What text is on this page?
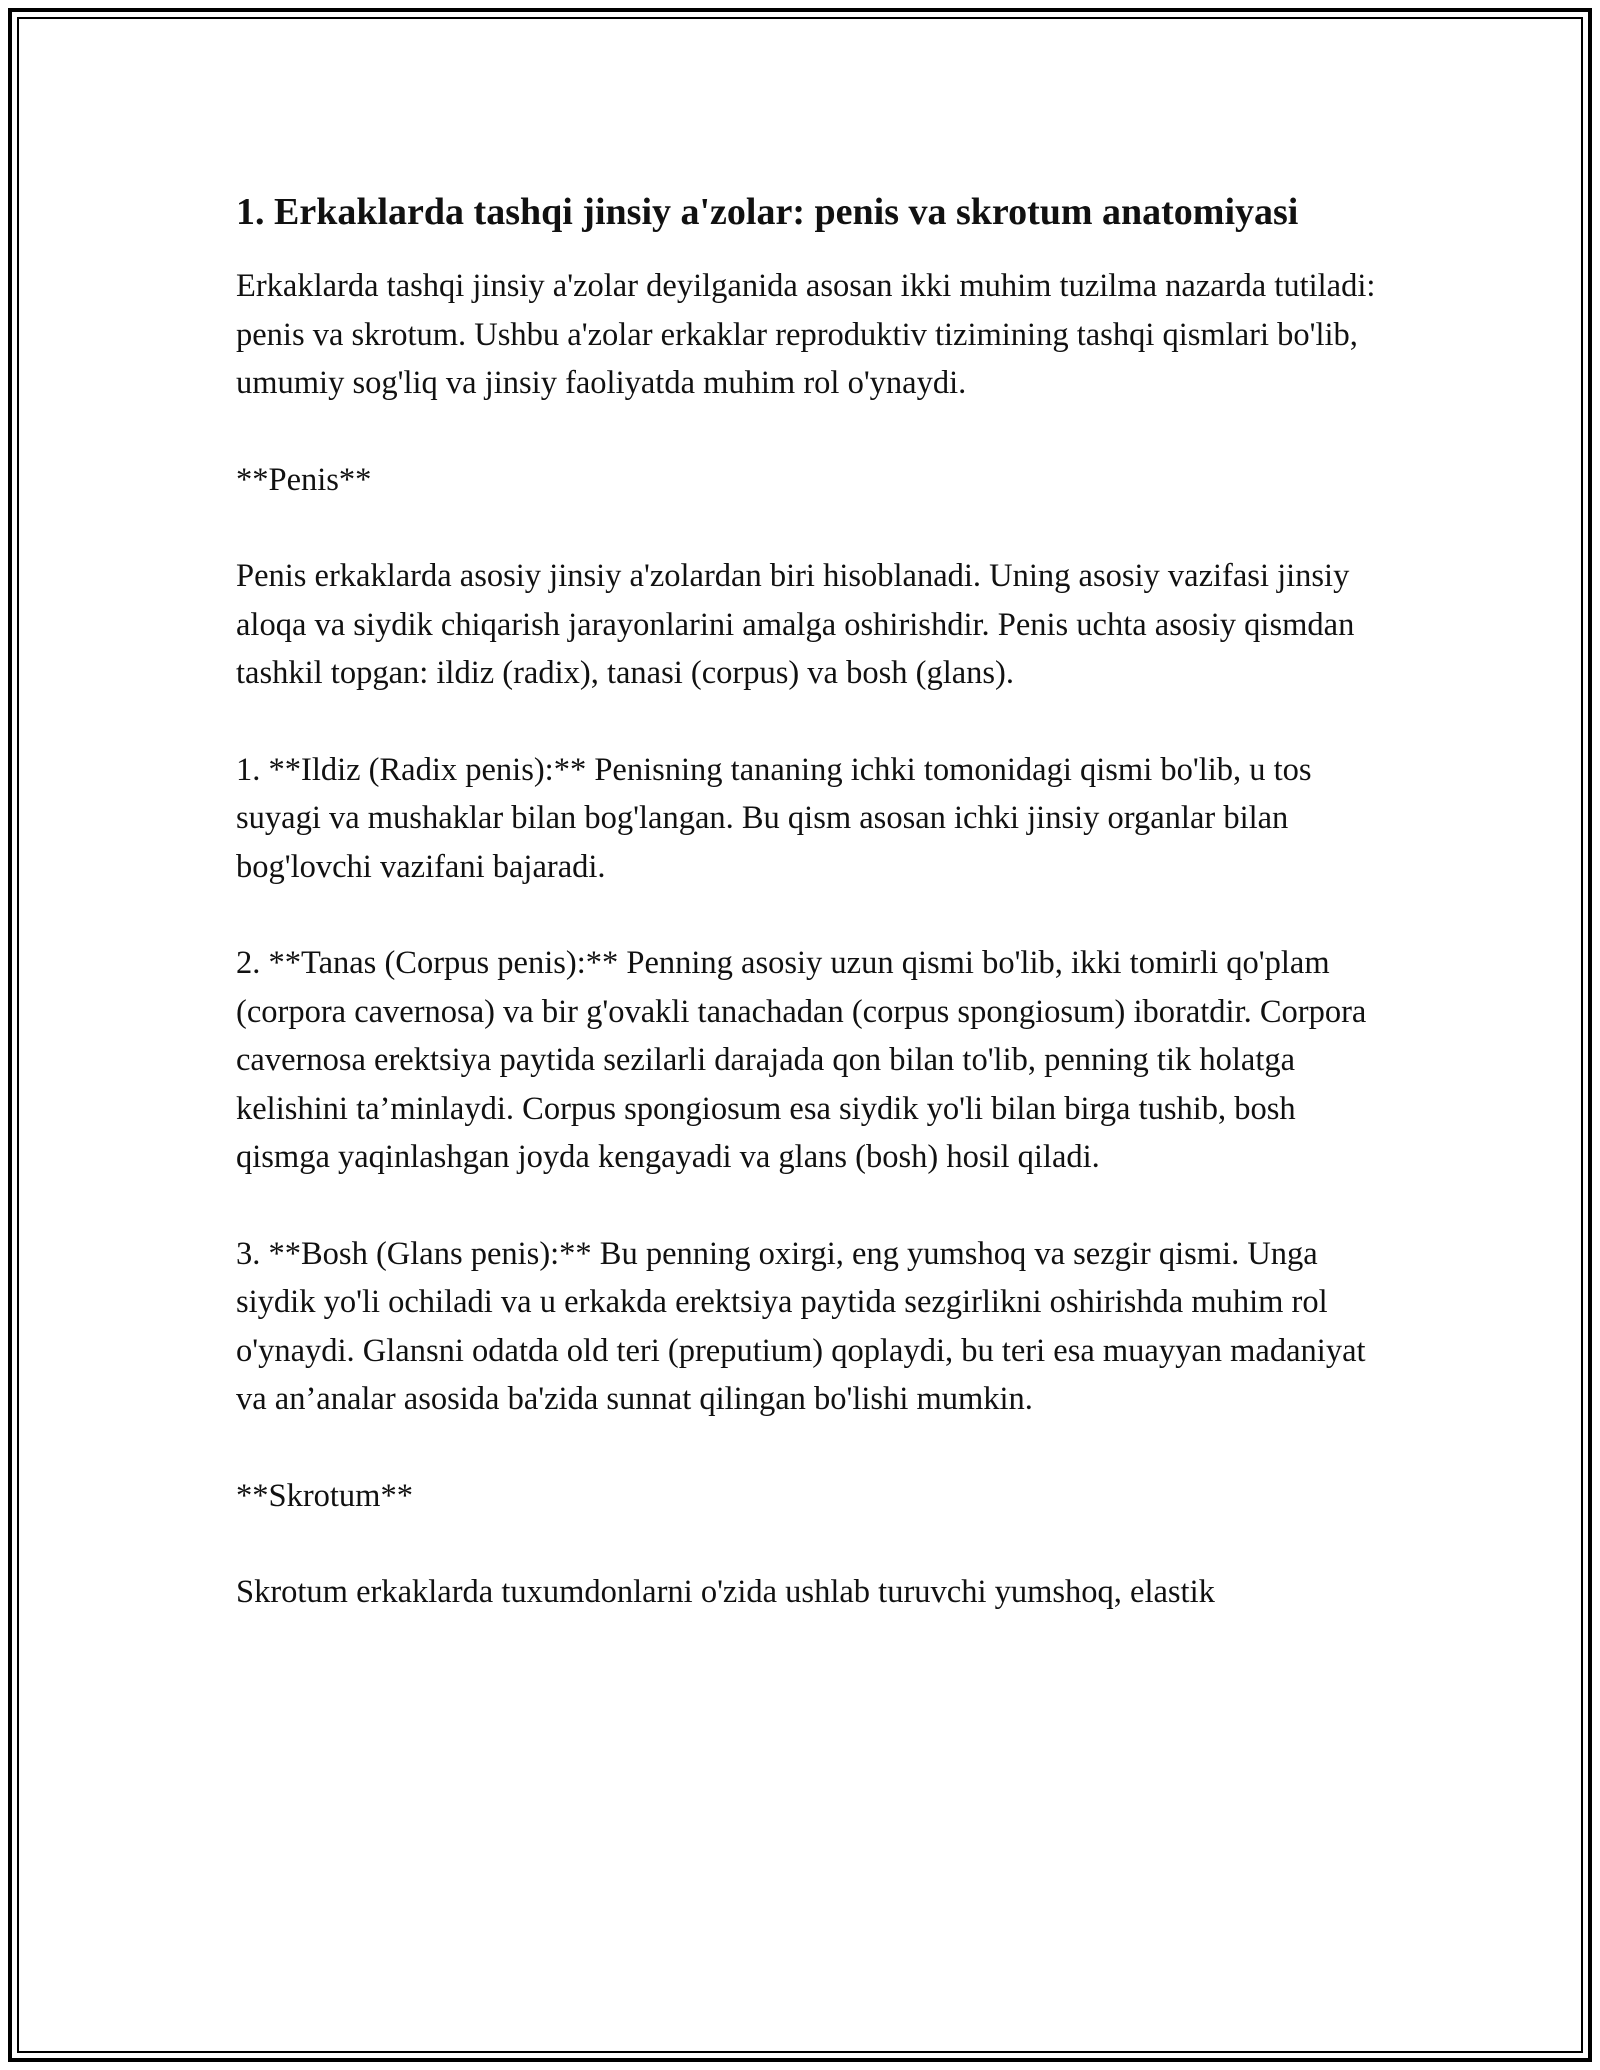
1. Erkaklarda tashqi jinsiy a'zolar: penis va skrotum anatomiyasi

Erkaklarda tashqi jinsiy a'zolar deyilganida asosan ikki muhim tuzilma nazarda tutiladi: penis va skrotum. Ushbu a'zolar erkaklar reproduktiv tizimining tashqi qismlari bo'lib, umumiy sog'liq va jinsiy faoliyatda muhim rol o'ynaydi.

**Penis**

Penis erkaklarda asosiy jinsiy a'zolardan biri hisoblanadi. Uning asosiy vazifasi jinsiy aloqa va siydik chiqarish jarayonlarini amalga oshirishdir. Penis uchta asosiy qismdan tashkil topgan: ildiz (radix), tanasi (corpus) va bosh (glans).

1. **Ildiz (Radix penis):** Penisning tananing ichki tomonidagi qismi bo'lib, u tos suyagi va mushaklar bilan bog'langan. Bu qism asosan ichki jinsiy organlar bilan bog'lovchi vazifani bajaradi.

2. **Tanas (Corpus penis):** Penning asosiy uzun qismi bo'lib, ikki tomirli qo'plam (corpora cavernosa) va bir g'ovakli tanachadan (corpus spongiosum) iboratdir. Corpora cavernosa erektsiya paytida sezilarli darajada qon bilan to'lib, penning tik holatga kelishini ta’minlaydi. Corpus spongiosum esa siydik yo'li bilan birga tushib, bosh qismga yaqinlashgan joyda kengayadi va glans (bosh) hosil qiladi.

3. **Bosh (Glans penis):** Bu penning oxirgi, eng yumshoq va sezgir qismi. Unga siydik yo'li ochiladi va u erkakda erektsiya paytida sezgirlikni oshirishda muhim rol o'ynaydi. Glansni odatda old teri (preputium) qoplaydi, bu teri esa muayyan madaniyat va an’analar asosida ba'zida sunnat qilingan bo'lishi mumkin.

**Skrotum**

Skrotum erkaklarda tuxumdonlarni o'zida ushlab turuvchi yumshoq, elastik
